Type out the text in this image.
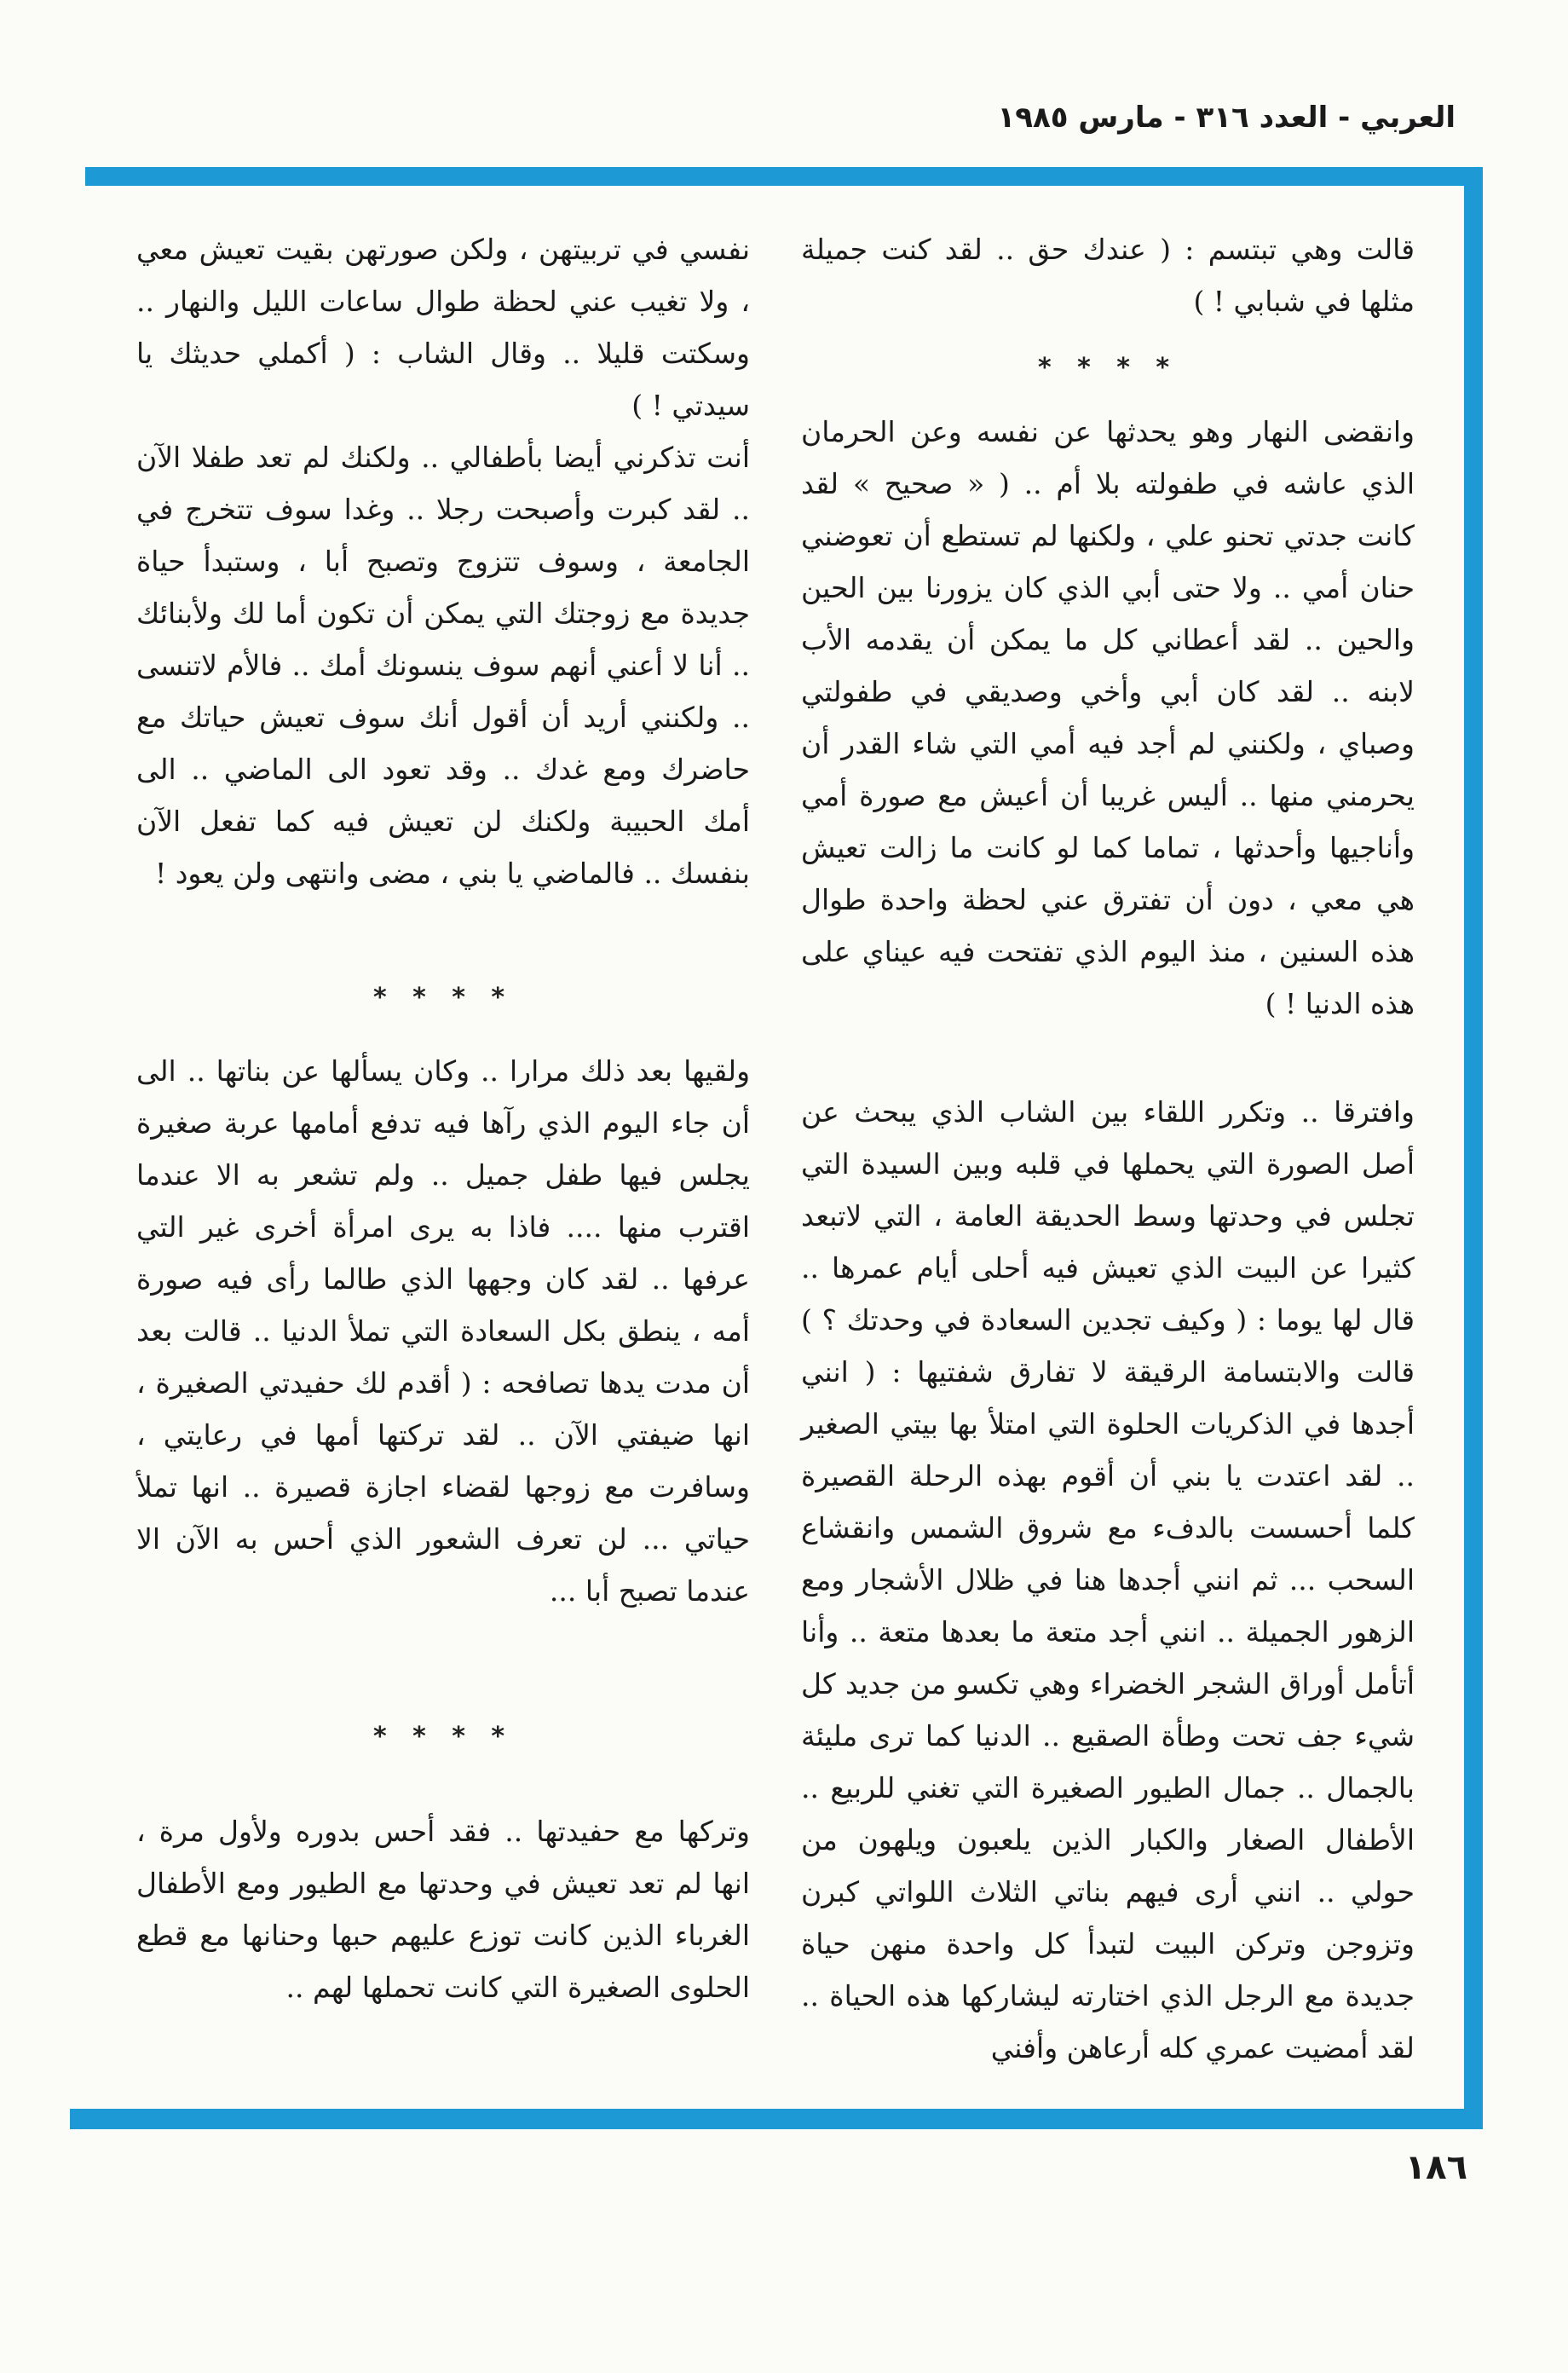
العربي - العدد ٣١٦ - مارس ١٩٨٥

قالت وهي تبتسم : ( عندك حق .. لقد كنت جميلة مثلها في شبابي ! )

* * * *

وانقضى النهار وهو يحدثها عن نفسه وعن الحرمان الذي عاشه في طفولته بلا أم .. ( « صحيح » لقد كانت جدتي تحنو علي ، ولكنها لم تستطع أن تعوضني حنان أمي .. ولا حتى أبي الذي كان يزورنا بين الحين والحين .. لقد أعطاني كل ما يمكن أن يقدمه الأب لابنه .. لقد كان أبي وأخي وصديقي في طفولتي وصباي ، ولكنني لم أجد فيه أمي التي شاء القدر أن يحرمني منها .. أليس غريبا أن أعيش مع صورة أمي وأناجيها وأحدثها ، تماما كما لو كانت ما زالت تعيش هي معي ، دون أن تفترق عني لحظة واحدة طوال هذه السنين ، منذ اليوم الذي تفتحت فيه عيناي على هذه الدنيا ! )

وافترقا .. وتكرر اللقاء بين الشاب الذي يبحث عن أصل الصورة التي يحملها في قلبه وبين السيدة التي تجلس في وحدتها وسط الحديقة العامة ، التي لاتبعد كثيرا عن البيت الذي تعيش فيه أحلى أيام عمرها .. قال لها يوما : ( وكيف تجدين السعادة في وحدتك ؟ ) قالت والابتسامة الرقيقة لا تفارق شفتيها : ( انني أجدها في الذكريات الحلوة التي امتلأ بها بيتي الصغير .. لقد اعتدت يا بني أن أقوم بهذه الرحلة القصيرة كلما أحسست بالدفء مع شروق الشمس وانقشاع السحب ... ثم انني أجدها هنا في ظلال الأشجار ومع الزهور الجميلة .. انني أجد متعة ما بعدها متعة .. وأنا أتأمل أوراق الشجر الخضراء وهي تكسو من جديد كل شيء جف تحت وطأة الصقيع .. الدنيا كما ترى مليئة بالجمال .. جمال الطيور الصغيرة التي تغني للربيع .. الأطفال الصغار والكبار الذين يلعبون ويلهون من حولي .. انني أرى فيهم بناتي الثلاث اللواتي كبرن وتزوجن وتركن البيت لتبدأ كل واحدة منهن حياة جديدة مع الرجل الذي اختارته ليشاركها هذه الحياة .. لقد أمضيت عمري كله أرعاهن وأفني

نفسي في تربيتهن ، ولكن صورتهن بقيت تعيش معي ، ولا تغيب عني لحظة طوال ساعات الليل والنهار .. وسكتت قليلا .. وقال الشاب : ( أكملي حديثك يا سيدتي ! )

أنت تذكرني أيضا بأطفالي .. ولكنك لم تعد طفلا الآن .. لقد كبرت وأصبحت رجلا .. وغدا سوف تتخرج في الجامعة ، وسوف تتزوج وتصبح أبا ، وستبدأ حياة جديدة مع زوجتك التي يمكن أن تكون أما لك ولأبنائك .. أنا لا أعني أنهم سوف ينسونك أمك .. فالأم لاتنسى .. ولكنني أريد أن أقول أنك سوف تعيش حياتك مع حاضرك ومع غدك .. وقد تعود الى الماضي .. الى أمك الحبيبة ولكنك لن تعيش فيه كما تفعل الآن بنفسك .. فالماضي يا بني ، مضى وانتهى ولن يعود !

* * * *

ولقيها بعد ذلك مرارا .. وكان يسألها عن بناتها .. الى أن جاء اليوم الذي رآها فيه تدفع أمامها عربة صغيرة يجلس فيها طفل جميل .. ولم تشعر به الا عندما اقترب منها .... فاذا به يرى امرأة أخرى غير التي عرفها .. لقد كان وجهها الذي طالما رأى فيه صورة أمه ، ينطق بكل السعادة التي تملأ الدنيا .. قالت بعد أن مدت يدها تصافحه : ( أقدم لك حفيدتي الصغيرة ، انها ضيفتي الآن .. لقد تركتها أمها في رعايتي ، وسافرت مع زوجها لقضاء اجازة قصيرة .. انها تملأ حياتي ... لن تعرف الشعور الذي أحس به الآن الا عندما تصبح أبا ...

* * * *

وتركها مع حفيدتها .. فقد أحس بدوره ولأول مرة ، انها لم تعد تعيش في وحدتها مع الطيور ومع الأطفال الغرباء الذين كانت توزع عليهم حبها وحنانها مع قطع الحلوى الصغيرة التي كانت تحملها لهم ..

١٨٦
